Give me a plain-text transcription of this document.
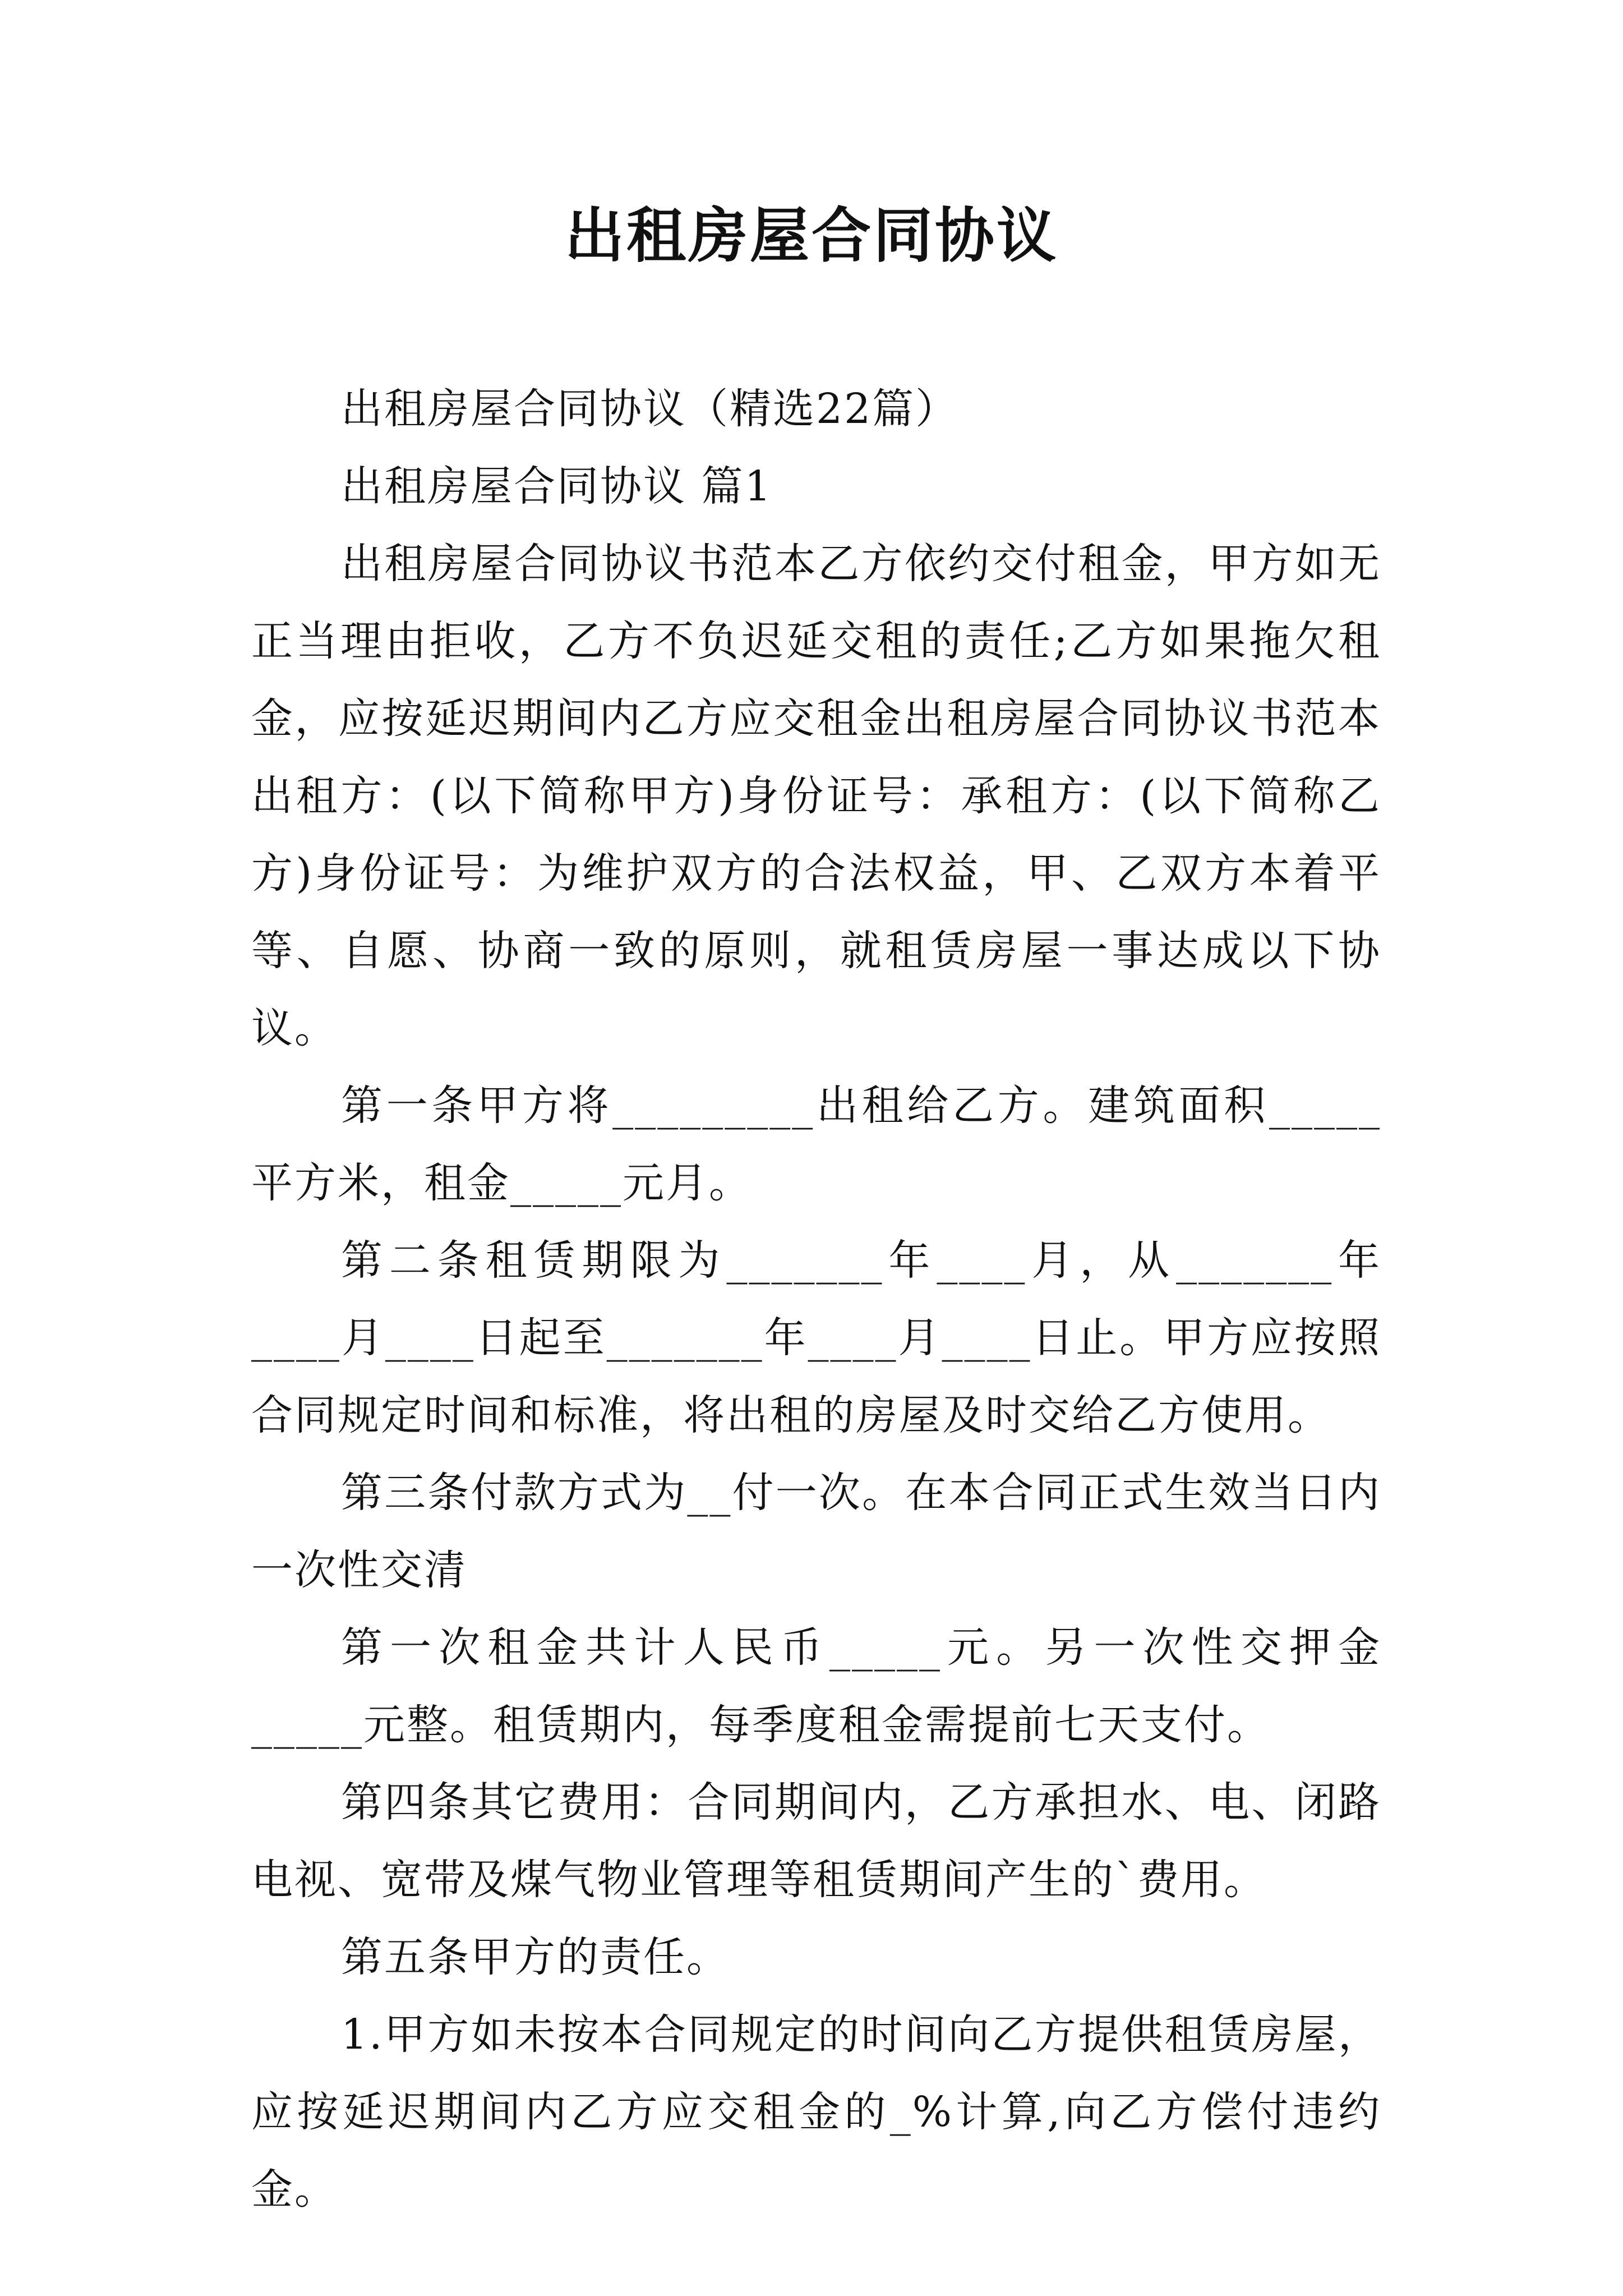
出租房屋合同协议

出租房屋合同协议（精选22篇）

出租房屋合同协议 篇1

出租房屋合同协议书范本乙方依约交付租金，甲方如无正当理由拒收，乙方不负迟延交租的责任;乙方如果拖欠租金，应按延迟期间内乙方应交租金出租房屋合同协议书范本出租方：(以下简称甲方)身份证号：承租方：(以下简称乙方)身份证号：为维护双方的合法权益，甲、乙双方本着平等、自愿、协商一致的原则，就租赁房屋一事达成以下协议。

第一条甲方将_________出租给乙方。建筑面积_____平方米，租金_____元月。

第二条租赁期限为_______年____月，从_______年____月____日起至_______年____月____日止。甲方应按照合同规定时间和标准，将出租的房屋及时交给乙方使用。

第三条付款方式为__付一次。在本合同正式生效当日内一次性交清

第一次租金共计人民币_____元。另一次性交押金_____元整。租赁期内，每季度租金需提前七天支付。

第四条其它费用：合同期间内，乙方承担水、电、闭路电视、宽带及煤气物业管理等租赁期间产生的`费用。

第五条甲方的责任。

1.甲方如未按本合同规定的时间向乙方提供租赁房屋，应按延迟期间内乙方应交租金的_%计算,向乙方偿付违约金。
